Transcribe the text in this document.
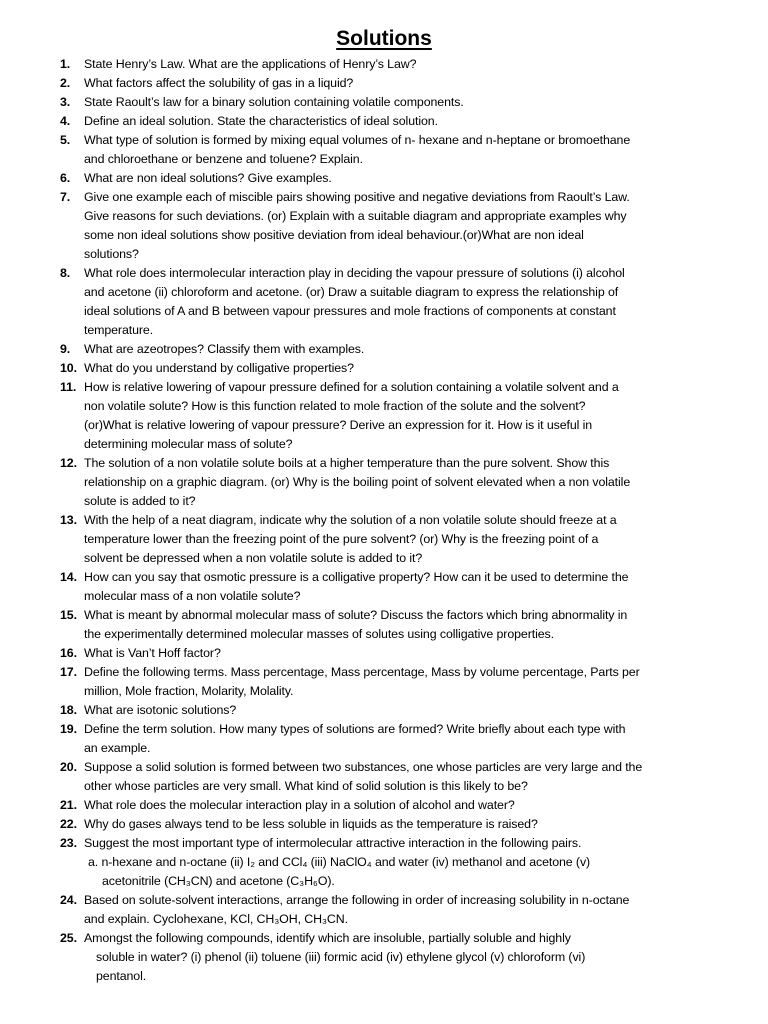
Solutions
1. State Henry’s Law. What are the applications of Henry’s Law?
2. What factors affect the solubility of gas in a liquid?
3. State Raoult’s law for a binary solution containing volatile components.
4. Define an ideal solution. State the characteristics of ideal solution.
5. What type of solution is formed by mixing equal volumes of n- hexane and n-heptane or bromoethane
and chloroethane or benzene and toluene? Explain.
6. What are non ideal solutions? Give examples.
7. Give one example each of miscible pairs showing positive and negative deviations from Raoult’s Law.
Give reasons for such deviations. (or) Explain with a suitable diagram and appropriate examples why
some non ideal solutions show positive deviation from ideal behaviour.(or)What are non ideal
solutions?
8. What role does intermolecular interaction play in deciding the vapour pressure of solutions (i) alcohol
and acetone (ii) chloroform and acetone. (or) Draw a suitable diagram to express the relationship of
ideal solutions of A and B between vapour pressures and mole fractions of components at constant
temperature.
9. What are azeotropes? Classify them with examples.
10. What do you understand by colligative properties?
11. How is relative lowering of vapour pressure defined for a solution containing a volatile solvent and a
non volatile solute? How is this function related to mole fraction of the solute and the solvent?
(or)What is relative lowering of vapour pressure? Derive an expression for it. How is it useful in
determining molecular mass of solute?
12. The solution of a non volatile solute boils at a higher temperature than the pure solvent. Show this
relationship on a graphic diagram. (or) Why is the boiling point of solvent elevated when a non volatile
solute is added to it?
13. With the help of a neat diagram, indicate why the solution of a non volatile solute should freeze at a
temperature lower than the freezing point of the pure solvent? (or) Why is the freezing point of a
solvent be depressed when a non volatile solute is added to it?
14. How can you say that osmotic pressure is a colligative property? How can it be used to determine the
molecular mass of a non volatile solute?
15. What is meant by abnormal molecular mass of solute? Discuss the factors which bring abnormality in
the experimentally determined molecular masses of solutes using colligative properties.
16. What is Van’t Hoff factor?
17. Define the following terms. Mass percentage, Mass percentage, Mass by volume percentage, Parts per
million, Mole fraction, Molarity, Molality.
18. What are isotonic solutions?
19. Define the term solution. How many types of solutions are formed? Write briefly about each type with
an example.
20. Suppose a solid solution is formed between two substances, one whose particles are very large and the
other whose particles are very small. What kind of solid solution is this likely to be?
21. What role does the molecular interaction play in a solution of alcohol and water?
22. Why do gases always tend to be less soluble in liquids as the temperature is raised?
23. Suggest the most important type of intermolecular attractive interaction in the following pairs.
a. n-hexane and n-octane (ii) I₂ and CCl₄ (iii) NaClO₄ and water (iv) methanol and acetone (v)
acetonitrile (CH₃CN) and acetone (C₃H₆O).
24. Based on solute-solvent interactions, arrange the following in order of increasing solubility in n-octane
and explain. Cyclohexane, KCl, CH₃OH, CH₃CN.
25. Amongst the following compounds, identify which are insoluble, partially soluble and highly
soluble in water? (i) phenol (ii) toluene (iii) formic acid (iv) ethylene glycol (v) chloroform (vi)
pentanol.
